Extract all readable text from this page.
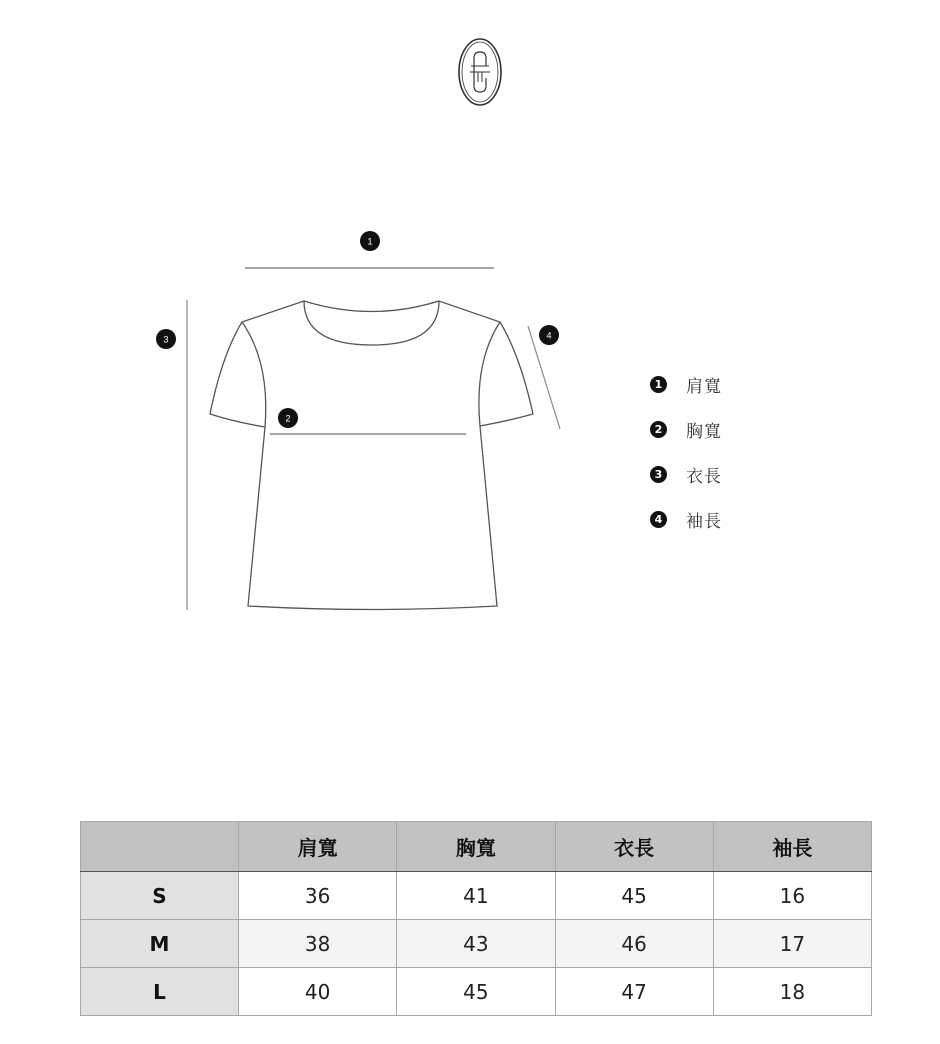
1
2
3	4
1 肩寬
2 胸寬
3 衣長
4 袖長
	肩寬	胸寬	衣長	袖長
S	36	41	45	16
M	38	43	46	17
L	40	45	47	18
